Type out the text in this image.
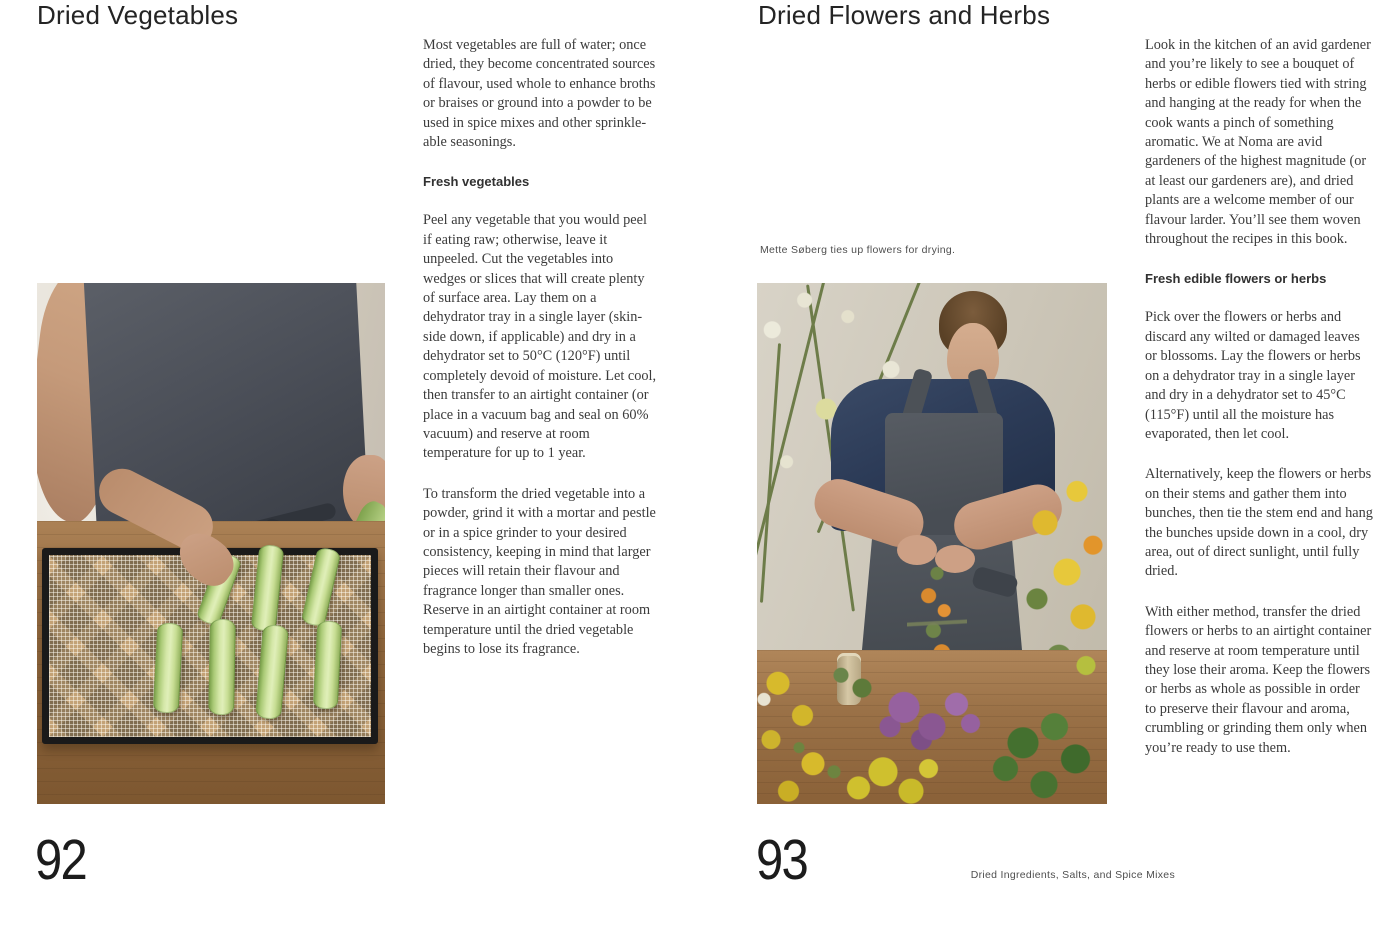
Dried Vegetables

Most vegetables are full of water; once dried, they become concentrated sources of flavour, used whole to enhance broths or braises or ground into a powder to be used in spice mixes and other sprinkle-able seasonings.

Fresh vegetables

Peel any vegetable that you would peel if eating raw; otherwise, leave it unpeeled. Cut the vegetables into wedges or slices that will create plenty of surface area. Lay them on a dehydrator tray in a single layer (skin-side down, if applicable) and dry in a dehydrator set to 50°C (120°F) until completely devoid of moisture. Let cool, then transfer to an airtight container (or place in a vacuum bag and seal on 60% vacuum) and reserve at room temperature for up to 1 year.

To transform the dried vegetable into a powder, grind it with a mortar and pestle or in a spice grinder to your desired consistency, keeping in mind that larger pieces will retain their flavour and fragrance longer than smaller ones. Reserve in an airtight container at room temperature until the dried vegetable begins to lose its fragrance.

92
Dried Flowers and Herbs
Mette Søberg ties up flowers for drying.

Look in the kitchen of an avid gardener and you’re likely to see a bouquet of herbs or edible flowers tied with string and hanging at the ready for when the cook wants a pinch of something aromatic. We at Noma are avid gardeners of the highest magnitude (or at least our gardeners are), and dried plants are a welcome member of our flavour larder. You’ll see them woven throughout the recipes in this book.

Fresh edible flowers or herbs

Pick over the flowers or herbs and discard any wilted or damaged leaves or blossoms. Lay the flowers or herbs on a dehydrator tray in a single layer and dry in a dehydrator set to 45°C (115°F) until all the moisture has evaporated, then let cool.

Alternatively, keep the flowers or herbs on their stems and gather them into bunches, then tie the stem end and hang the bunches upside down in a cool, dry area, out of direct sunlight, until fully dried.

With either method, transfer the dried flowers or herbs to an airtight container and reserve at room temperature until they lose their aroma. Keep the flowers or herbs as whole as possible in order to preserve their flavour and aroma, crumbling or grinding them only when you’re ready to use them.

93	Dried Ingredients, Salts, and Spice Mixes
